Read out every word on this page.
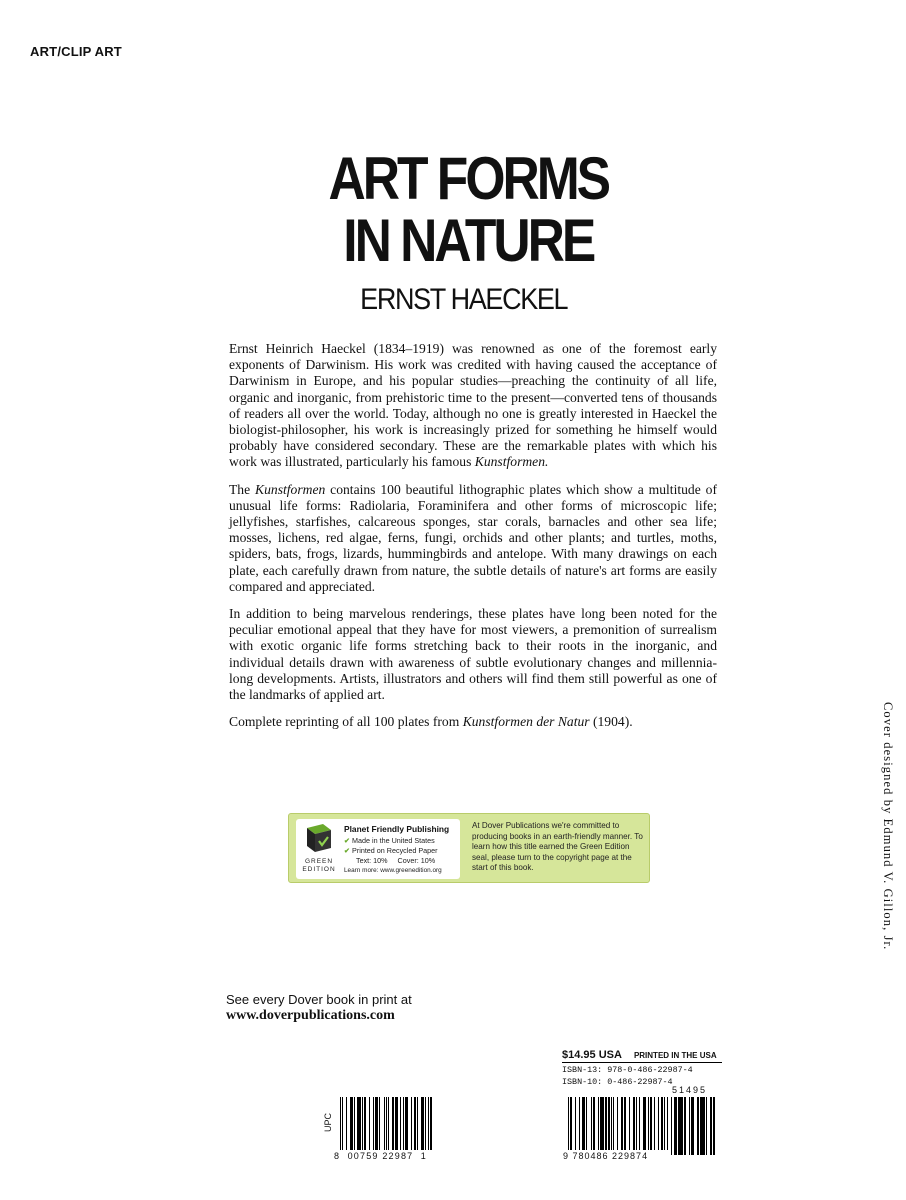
ART/CLIP ART
ART FORMS
IN NATURE
ERNST HAECKEL

Ernst Heinrich Haeckel (1834–1919) was renowned as one of the foremost early exponents of Darwinism. His work was credited with having caused the acceptance of Darwinism in Europe, and his popular studies—preaching the continuity of all life, organic and inorganic, from prehistoric time to the present—converted tens of thousands of readers all over the world. Today, although no one is greatly interested in Haeckel the biologist-philosopher, his work is increasingly prized for something he himself would probably have considered secondary. These are the remarkable plates with which his work was illustrated, particularly his famous Kunstformen.

The Kunstformen contains 100 beautiful lithographic plates which show a multitude of unusual life forms: Radiolaria, Foraminifera and other forms of microscopic life; jellyfishes, starfishes, calcareous sponges, star corals, barnacles and other sea life; mosses, lichens, red algae, ferns, fungi, orchids and other plants; and turtles, moths, spiders, bats, frogs, lizards, hummingbirds and antelope. With many drawings on each plate, each carefully drawn from nature, the subtle details of nature's art forms are easily compared and appreciated.

In addition to being marvelous renderings, these plates have long been noted for the peculiar emotional appeal that they have for most viewers, a premonition of surrealism with exotic organic life forms stretching back to their roots in the inorganic, and individual details drawn with awareness of subtle evolutionary changes and millennia-long developments. Artists, illustrators and others will find them still powerful as one of the landmarks of applied art.

Complete reprinting of all 100 plates from Kunstformen der Natur (1904).	Cover designed by Edmund V. Gillon, Jr.
GREEN
EDITION
Planet Friendly Publishing
✔ Made in the United States
✔ Printed on Recycled Paper
Text: 10%     Cover: 10%
Learn more: www.greenedition.org
At Dover Publications we're committed to producing books in an earth-friendly manner. To learn how this title earned the Green Edition seal, please turn to the copyright page at the start of this book.
See every Dover book in print at
www.doverpublications.com
UPC
8  00759 22987  1
$14.95 USA PRINTED IN THE USA
ISBN-13: 978-0-486-22987-4
ISBN-10: 0-486-22987-4
51495
9 780486 229874
